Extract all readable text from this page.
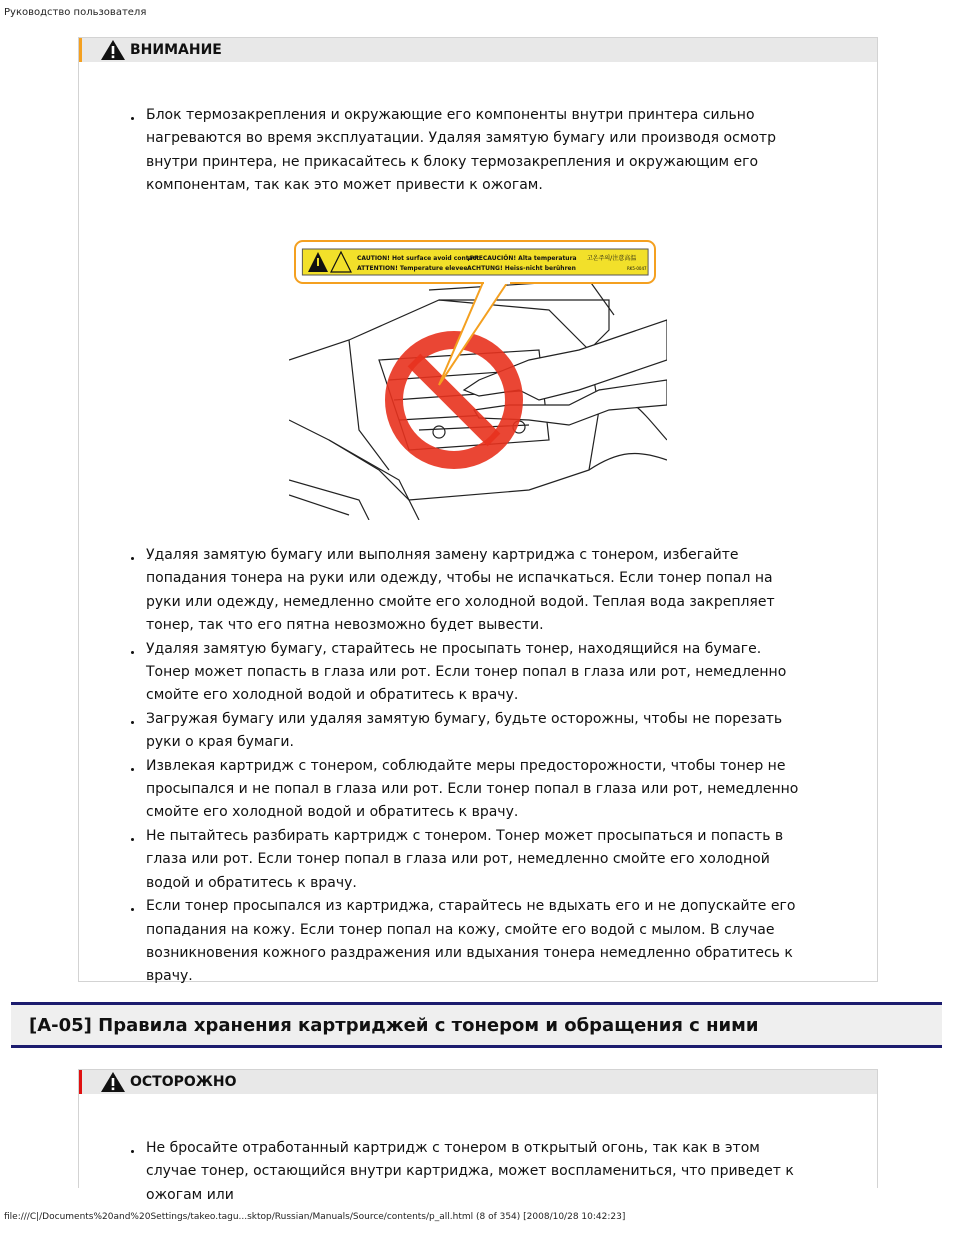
Руководство пользователя
ВНИМАНИЕ
Блок термозакрепления и окружающие его компоненты внутри принтера сильно нагреваются во время эксплуатации. Удаляя замятую бумагу или производя осмотр внутри принтера, не прикасайтесь к блоку термозакрепления и окружающим его компонентам, так как это может привести к ожогам.
CAUTION! Hot surface avoid contact
ATTENTION! Temperature elevee
¡PRECAUCIÓN! Alta temperatura
ACHTUNG! Heiss-nicht berühren
고온주의/注意高温
RK5-0047
Удаляя замятую бумагу или выполняя замену картриджа с тонером, избегайте попадания тонера на руки или одежду, чтобы не испачкаться. Если тонер попал на руки или одежду, немедленно смойте его холодной водой. Теплая вода закрепляет тонер, так что его пятна невозможно будет вывести.
Удаляя замятую бумагу, старайтесь не просыпать тонер, находящийся на бумаге. Тонер может попасть в глаза или рот. Если тонер попал в глаза или рот, немедленно смойте его холодной водой и обратитесь к врачу.
Загружая бумагу или удаляя замятую бумагу, будьте осторожны, чтобы не порезать руки о края бумаги.
Извлекая картридж с тонером, соблюдайте меры предосторожности, чтобы тонер не просыпался и не попал в глаза или рот. Если тонер попал в глаза или рот, немедленно смойте его холодной водой и обратитесь к врачу.
Не пытайтесь разбирать картридж с тонером. Тонер может просыпаться и попасть в глаза или рот. Если тонер попал в глаза или рот, немедленно смойте его холодной водой и обратитесь к врачу.
Если тонер просыпался из картриджа, старайтесь не вдыхать его и не допускайте его попадания на кожу. Если тонер попал на кожу, смойте его водой с мылом. В случае возникновения кожного раздражения или вдыхания тонера немедленно обратитесь к врачу.
[A-05] Правила хранения картриджей с тонером и обращения с ними
ОСТОРОЖНО
Не бросайте отработанный картридж с тонером в открытый огонь, так как в этом случае тонер, остающийся внутри картриджа, может воспламениться, что приведет к ожогам или
file:///C|/Documents%20and%20Settings/takeo.tagu...sktop/Russian/Manuals/Source/contents/p_all.html (8 of 354) [2008/10/28 10:42:23]
